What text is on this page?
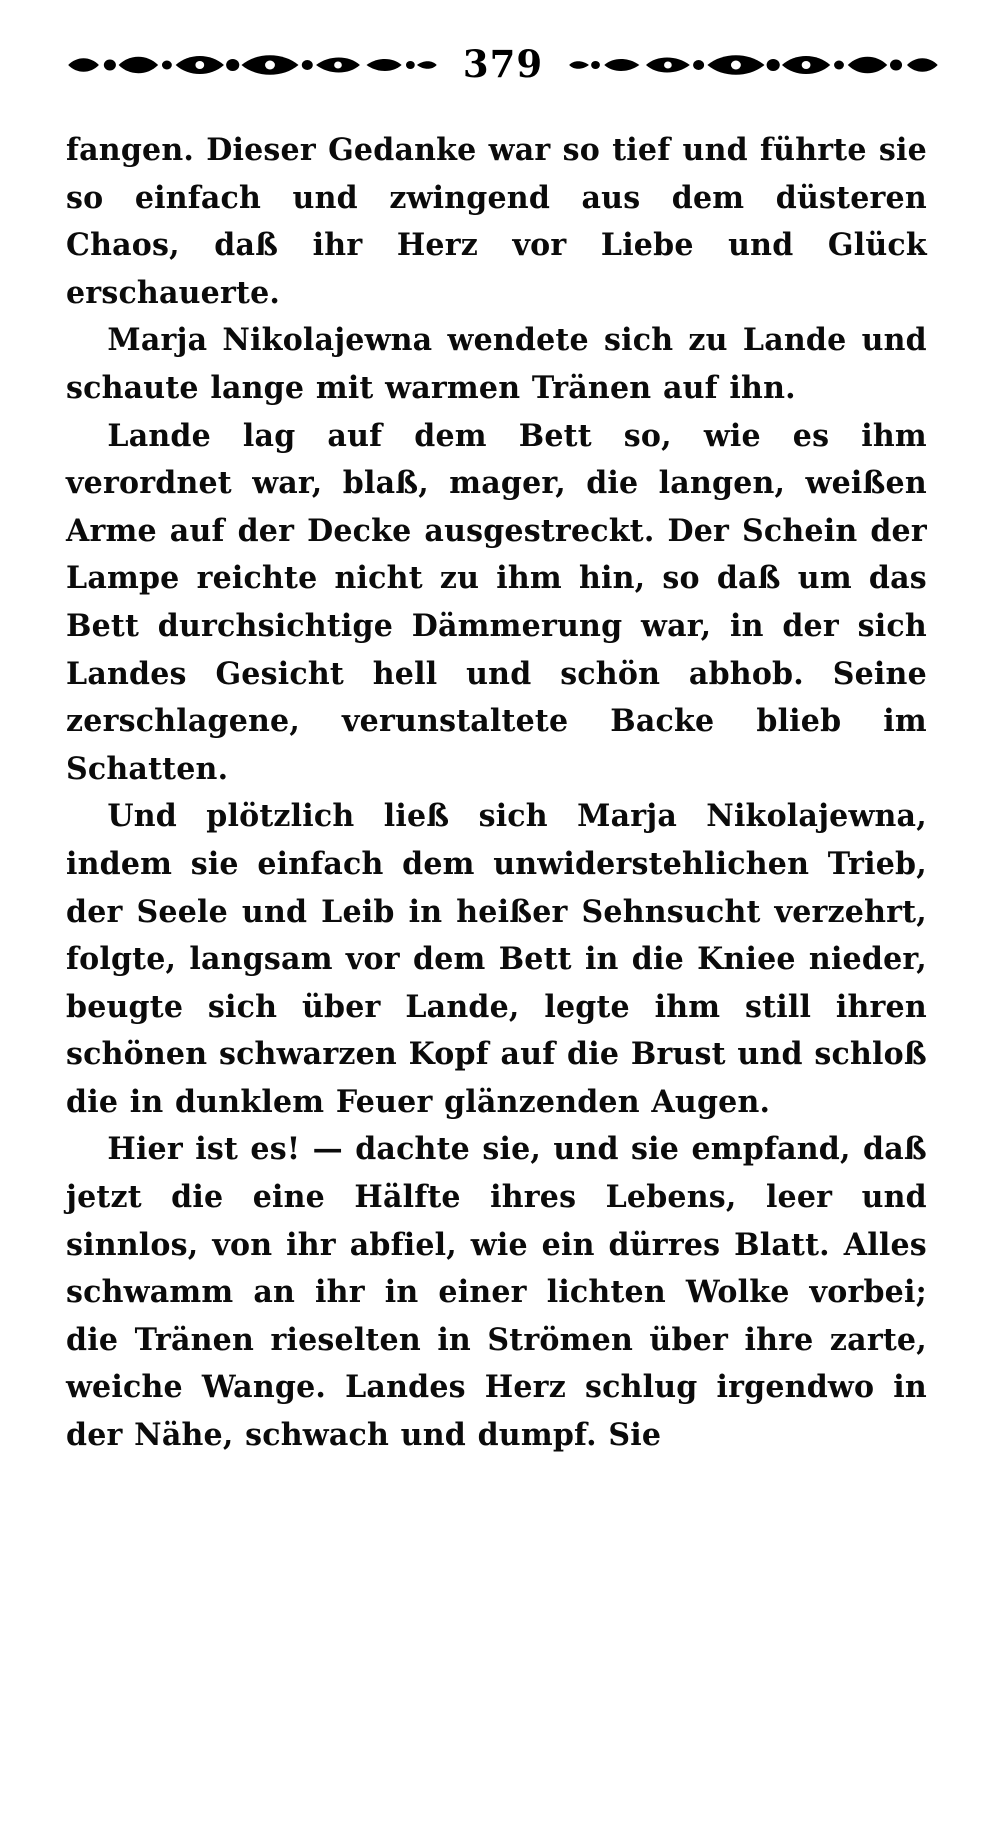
379

fangen. Dieser Gedanke war so tief und führte sie so einfach und zwingend aus dem düsteren Chaos, daß ihr Herz vor Liebe und Glück erschauerte.

Marja Nikolajewna wendete sich zu Lande und schaute lange mit warmen Tränen auf ihn.

Lande lag auf dem Bett so, wie es ihm verordnet war, blaß, mager, die langen, weißen Arme auf der Decke ausgestreckt. Der Schein der Lampe reichte nicht zu ihm hin, so daß um das Bett durchsichtige Dämmerung war, in der sich Landes Gesicht hell und schön abhob. Seine zerschlagene, verunstaltete Backe blieb im Schatten.

Und plötzlich ließ sich Marja Nikolajewna, indem sie einfach dem unwiderstehlichen Trieb, der Seele und Leib in heißer Sehnsucht verzehrt, folgte, langsam vor dem Bett in die Kniee nieder, beugte sich über Lande, legte ihm still ihren schönen schwarzen Kopf auf die Brust und schloß die in dunklem Feuer glänzenden Augen.

Hier ist es! — dachte sie, und sie empfand, daß jetzt die eine Hälfte ihres Lebens, leer und sinnlos, von ihr abfiel, wie ein dürres Blatt. Alles schwamm an ihr in einer lichten Wolke vorbei; die Tränen rieselten in Strömen über ihre zarte, weiche Wange. Landes Herz schlug irgendwo in der Nähe, schwach und dumpf. Sie
